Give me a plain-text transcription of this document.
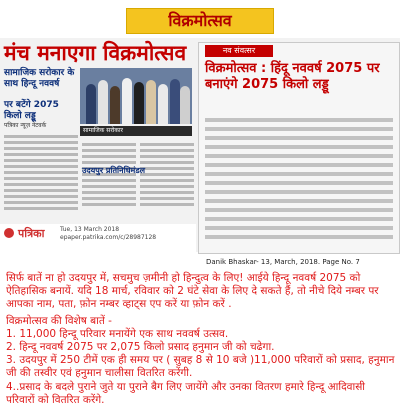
विक्रमोत्सव
मंच मनाएगा विक्रमोत्सव
सामाजिक सरोकार के साथ हिन्दू नववर्ष
पर बटेंगे 2075 किलो लड्डू
पत्रिका न्यूज़ नेटवर्क
सामाजिक सरोकार
उदयपुर प्रतिनिधिमंडल
पत्रिका	Tue, 13 March 2018
epaper.patrika.com/c/28987128
नव संवत्सर
विक्रमोत्सव : हिंदू नववर्ष 2075 पर बनाएंगे 2075 किलो लड्डू
Danik Bhaskar- 13, March, 2018. Page No. 7

सिर्फ बातें ना हो उदयपुर में, सचमुच ज़मीनी हो हिन्दुत्व के लिए! आईये हिन्दू नववर्ष 2075 को ऐतिहासिक बनायें. यदि 18 मार्च, रविवार को 2 घंटे सेवा के लिए दे सकते हैं, तो नीचे दिये नम्बर पर आपका नाम, पता, फ़ोन नम्बर व्हाट्स एप करें या फ़ोन करें .

विक्रमोत्सव की विशेष बातें -

1. 11,000 हिन्दू परिवार मनायेंगे एक साथ नववर्ष उत्सव.

2. हिन्दू नववर्ष 2075 पर 2,075 किलो प्रसाद हनुमान जी को चढेगा.

3. उदयपुर में 250 टीमें एक ही समय पर ( सुबह 8 से 10 बजे )11,000 परिवारों को प्रसाद, हनुमान जी की तस्वीर एवं हनुमान चालीसा वितरित करेंगी.

4..प्रसाद के बदले पुराने जुते या पुराने बैग लिए जायेंगे और उनका वितरण हमारे हिन्दू आदिवासी परिवारों को वितरित करेंगे.
